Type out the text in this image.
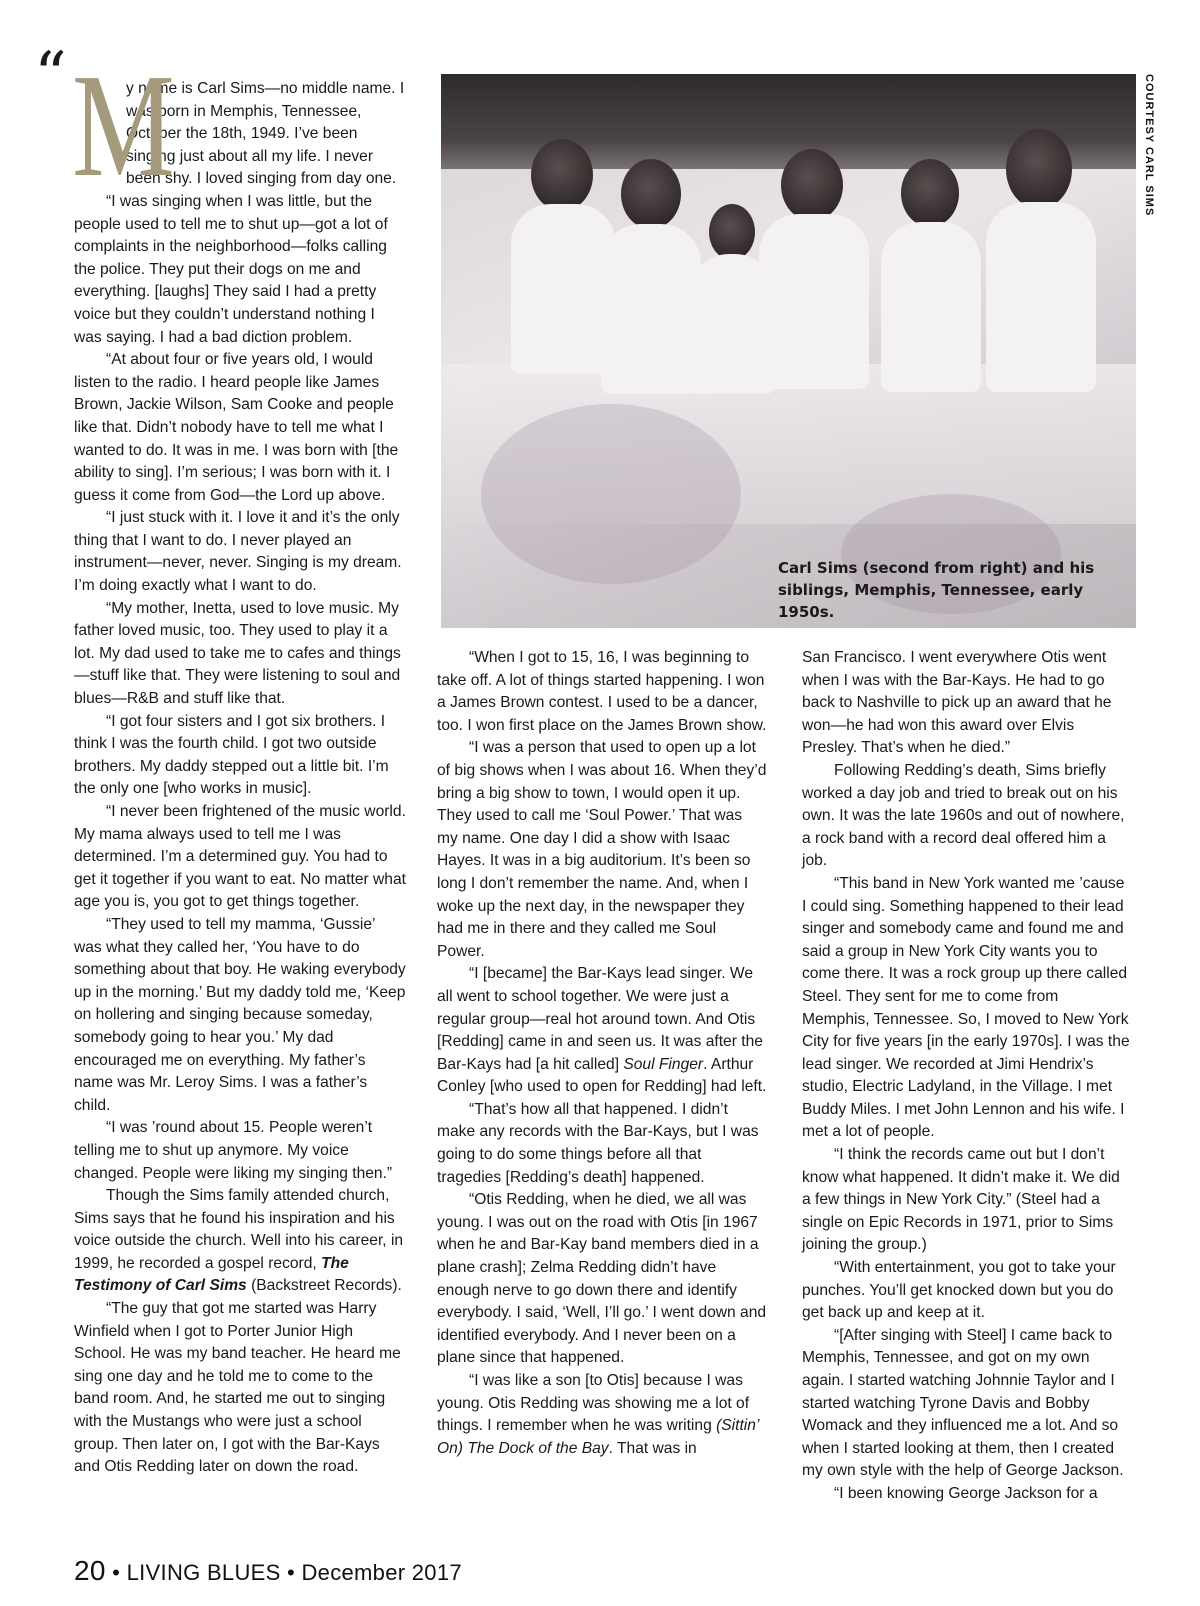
“ M

y name is Carl Sims—no middle name. I was born in Memphis, Tennessee, October the 18th, 1949. I’ve been singing just about all my life. I never been shy. I loved singing from day one.

“I was singing when I was little, but the people used to tell me to shut up—got a lot of complaints in the neighborhood—folks calling the police. They put their dogs on me and everything. [laughs] They said I had a pretty voice but they couldn’t understand nothing I was saying. I had a bad diction problem.

“At about four or five years old, I would listen to the radio. I heard people like James Brown, Jackie Wilson, Sam Cooke and people like that. Didn’t nobody have to tell me what I wanted to do. It was in me. I was born with [the ability to sing]. I’m serious; I was born with it. I guess it come from God—the Lord up above.

“I just stuck with it. I love it and it’s the only thing that I want to do. I never played an instrument—never, never. Singing is my dream. I’m doing exactly what I want to do.

“My mother, Inetta, used to love music. My father loved music, too. They used to play it a lot. My dad used to take me to cafes and things—stuff like that. They were listening to soul and blues—R&B and stuff like that.

“I got four sisters and I got six brothers. I think I was the fourth child. I got two outside brothers. My daddy stepped out a little bit. I’m the only one [who works in music].

“I never been frightened of the music world. My mama always used to tell me I was determined. I’m a determined guy. You had to get it together if you want to eat. No matter what age you is, you got to get things together.

“They used to tell my mamma, ‘Gussie’ was what they called her, ‘You have to do something about that boy. He waking everybody up in the morning.’ But my daddy told me, ‘Keep on hollering and singing because someday, somebody going to hear you.’ My dad encouraged me on everything. My father’s name was Mr. Leroy Sims. I was a father’s child.

“I was ’round about 15. People weren’t telling me to shut up anymore. My voice changed. People were liking my singing then.”

Though the Sims family attended church, Sims says that he found his inspiration and his voice outside the church. Well into his career, in 1999, he recorded a gospel record, The Testimony of Carl Sims (Backstreet Records).

“The guy that got me started was Harry Winfield when I got to Porter Junior High School. He was my band teacher. He heard me sing one day and he told me to come to the band room. And, he started me out to singing with the Mustangs who were just a school group. Then later on, I got with the Bar-Kays and Otis Redding later on down the road.

Carl Sims (second from right) and his siblings, Memphis, Tennessee, early 1950s.
COURTESY CARL SIMS

“When I got to 15, 16, I was beginning to take off. A lot of things started happening. I won a James Brown contest. I used to be a dancer, too. I won first place on the James Brown show.

“I was a person that used to open up a lot of big shows when I was about 16. When they’d bring a big show to town, I would open it up. They used to call me ‘Soul Power.’ That was my name. One day I did a show with Isaac Hayes. It was in a big auditorium. It’s been so long I don’t remember the name. And, when I woke up the next day, in the newspaper they had me in there and they called me Soul Power.

“I [became] the Bar-Kays lead singer. We all went to school together. We were just a regular group—real hot around town. And Otis [Redding] came in and seen us. It was after the Bar-Kays had [a hit called] Soul Finger. Arthur Conley [who used to open for Redding] had left.

“That’s how all that happened. I didn’t make any records with the Bar-Kays, but I was going to do some things before all that tragedies [Redding’s death] happened.

“Otis Redding, when he died, we all was young. I was out on the road with Otis [in 1967 when he and Bar-Kay band members died in a plane crash]; Zelma Redding didn’t have enough nerve to go down there and identify everybody. I said, ‘Well, I’ll go.’ I went down and identified everybody. And I never been on a plane since that happened.

“I was like a son [to Otis] because I was young. Otis Redding was showing me a lot of things. I remember when he was writing (Sittin’ On) The Dock of the Bay. That was in

San Francisco. I went everywhere Otis went when I was with the Bar-Kays. He had to go back to Nashville to pick up an award that he won—he had won this award over Elvis Presley. That’s when he died.”

Following Redding’s death, Sims briefly worked a day job and tried to break out on his own. It was the late 1960s and out of nowhere, a rock band with a record deal offered him a job.

“This band in New York wanted me ’cause I could sing. Something happened to their lead singer and somebody came and found me and said a group in New York City wants you to come there. It was a rock group up there called Steel. They sent for me to come from Memphis, Tennessee. So, I moved to New York City for five years [in the early 1970s]. I was the lead singer. We recorded at Jimi Hendrix’s studio, Electric Ladyland, in the Village. I met Buddy Miles. I met John Lennon and his wife. I met a lot of people.

“I think the records came out but I don’t know what happened. It didn’t make it. We did a few things in New York City.” (Steel had a single on Epic Records in 1971, prior to Sims joining the group.)

“With entertainment, you got to take your punches. You’ll get knocked down but you do get back up and keep at it.

“[After singing with Steel] I came back to Memphis, Tennessee, and got on my own again. I started watching Johnnie Taylor and I started watching Tyrone Davis and Bobby Womack and they influenced me a lot. And so when I started looking at them, then I created my own style with the help of George Jackson.

“I been knowing George Jackson for a

20 • LIVING BLUES • December 2017
